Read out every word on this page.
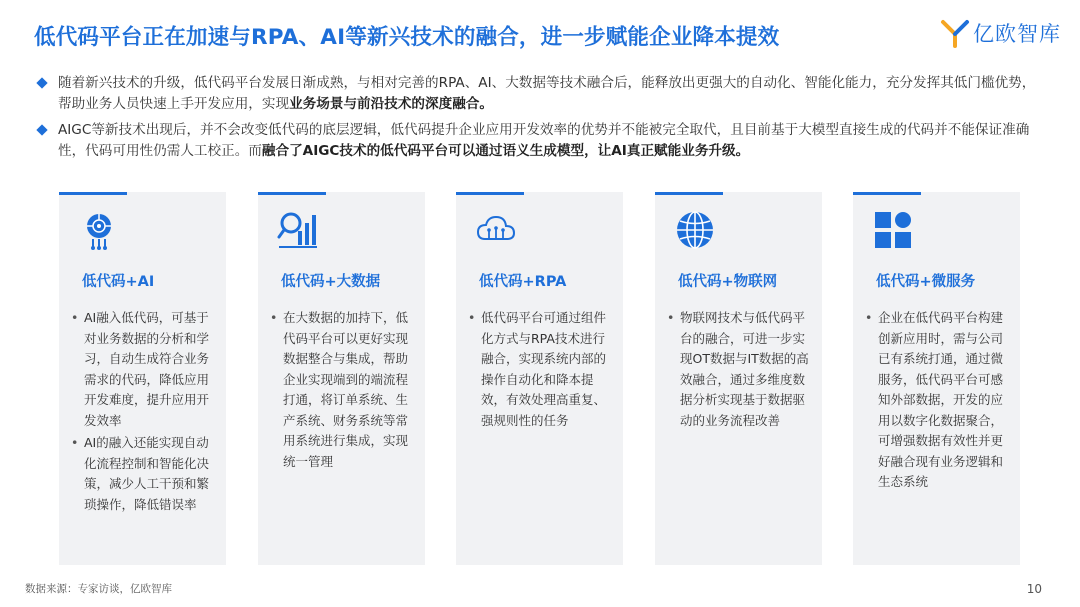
低代码平台正在加速与RPA、AI等新兴技术的融合，进一步赋能企业降本提效	亿欧智库
随着新兴技术的升级，低代码平台发展日渐成熟，与相对完善的RPA、AI、大数据等技术融合后，能释放出更强大的自动化、智能化能力，充分发挥其低门槛优势，帮助业务人员快速上手开发应用，实现业务场景与前沿技术的深度融合。
AIGC等新技术出现后，并不会改变低代码的底层逻辑，低代码提升企业应用开发效率的优势并不能被完全取代，且目前基于大模型直接生成的代码并不能保证准确性，代码可用性仍需人工校正。而融合了AIGC技术的低代码平台可以通过语义生成模型，让AI真正赋能业务升级。
低代码+AI
• AI融入低代码，可基于对业务数据的分析和学习，自动生成符合业务需求的代码，降低应用开发难度，提升应用开发效率
• AI的融入还能实现自动化流程控制和智能化决策，减少人工干预和繁琐操作，降低错误率
低代码+大数据
• 在大数据的加持下，低代码平台可以更好实现数据整合与集成，帮助企业实现端到的端流程打通，将订单系统、生产系统、财务系统等常用系统进行集成，实现统一管理
低代码+RPA
• 低代码平台可通过组件化方式与RPA技术进行融合，实现系统内部的操作自动化和降本提效，有效处理高重复、强规则性的任务
低代码+物联网
• 物联网技术与低代码平台的融合，可进一步实现OT数据与IT数据的高效融合，通过多维度数据分析实现基于数据驱动的业务流程改善
低代码+微服务
• 企业在低代码平台构建创新应用时，需与公司已有系统打通，通过微服务，低代码平台可感知外部数据，开发的应用以数字化数据聚合，可增强数据有效性并更好融合现有业务逻辑和生态系统
数据来源：专家访谈，亿欧智库	10
